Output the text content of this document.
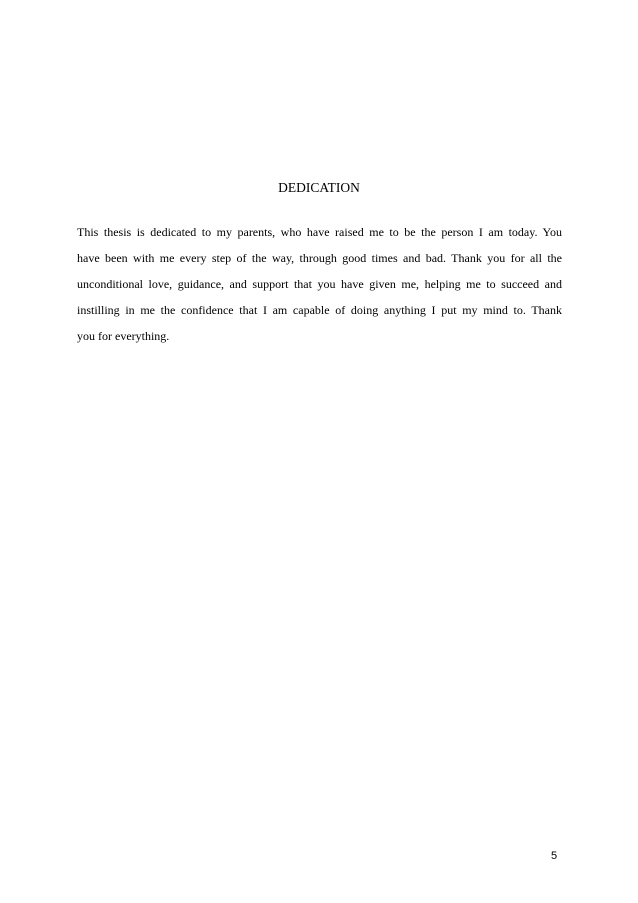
DEDICATION

This thesis is dedicated to my parents, who have raised me to be the person I am today. You
have been with me every step of the way, through good times and bad. Thank you for all the
unconditional love, guidance, and support that you have given me, helping me to succeed and
instilling in me the confidence that I am capable of doing anything I put my mind to. Thank
you for everything.

5
